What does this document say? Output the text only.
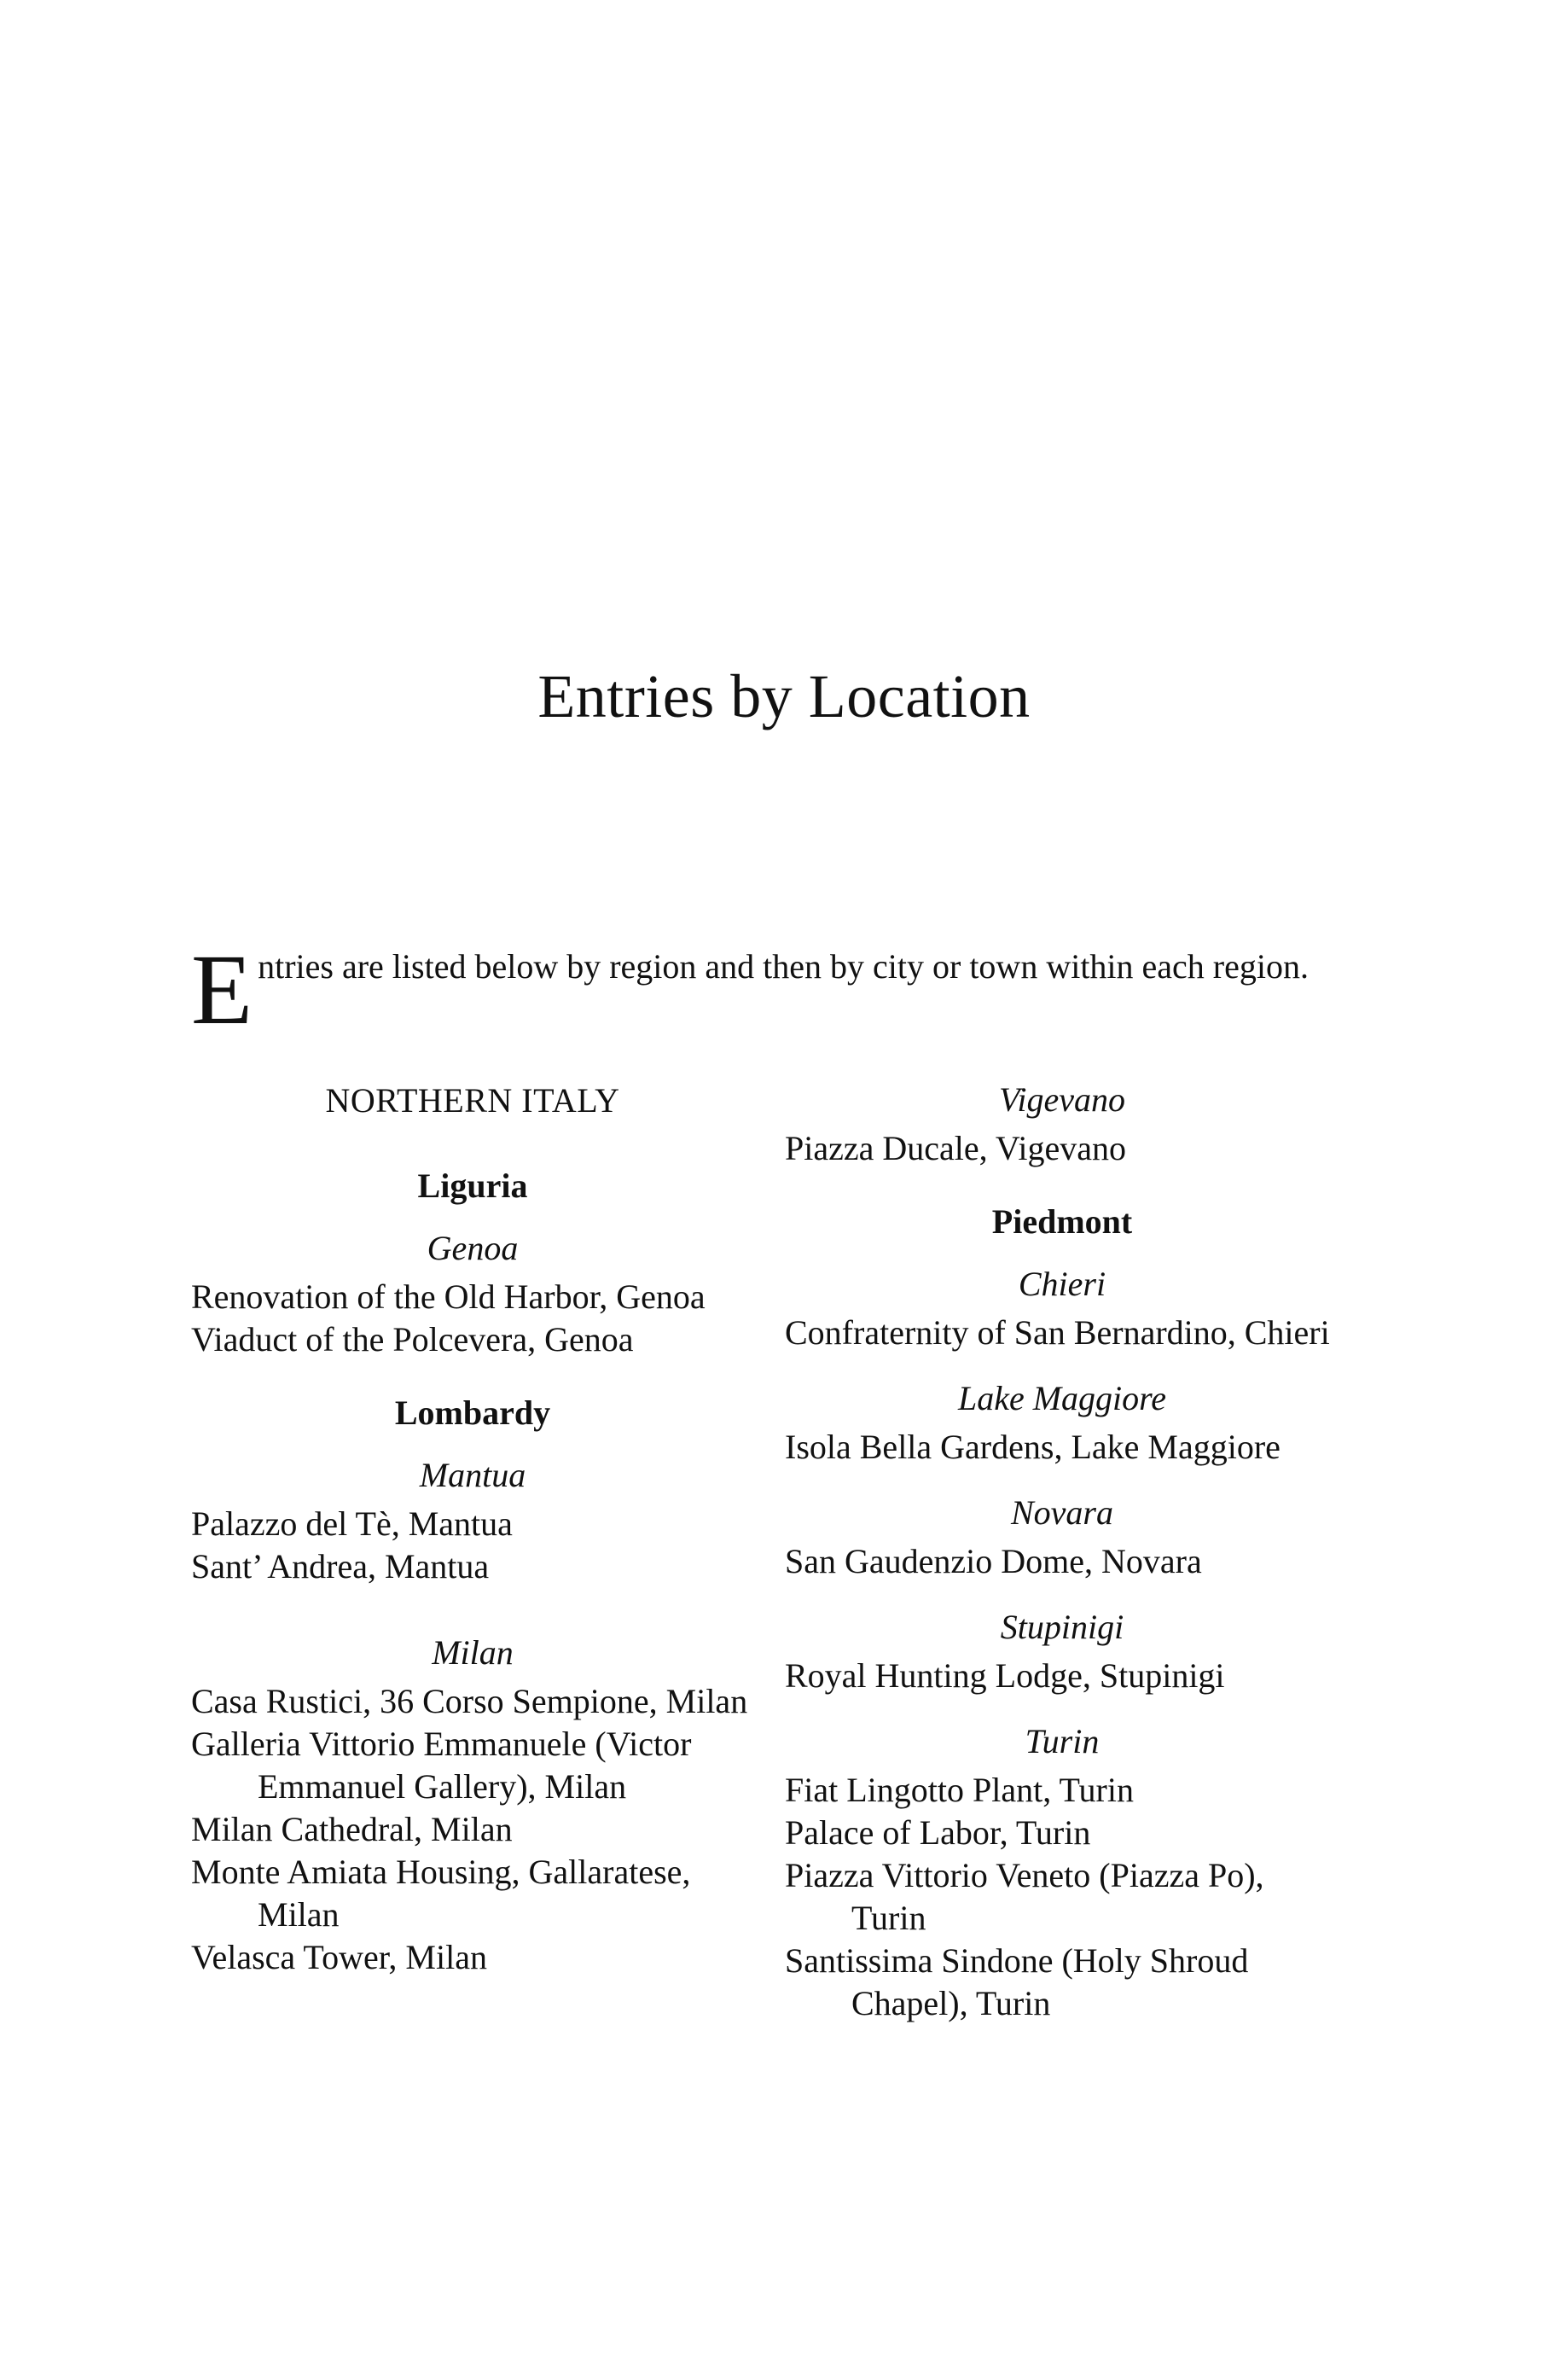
Entries by Location

Entries are listed below by region and then by city or town within each region.

NORTHERN ITALY
Liguria
Genoa
Renovation of the Old Harbor, Genoa
Viaduct of the Polcevera, Genoa
Lombardy
Mantua
Palazzo del Tè, Mantua
Sant’ Andrea, Mantua
Milan
Casa Rustici, 36 Corso Sempione, Milan
Galleria Vittorio Emmanuele (Victor Emmanuel Gallery), Milan
Milan Cathedral, Milan
Monte Amiata Housing, Gallaratese, Milan
Velasca Tower, Milan
Vigevano
Piazza Ducale, Vigevano
Piedmont
Chieri
Confraternity of San Bernardino, Chieri
Lake Maggiore
Isola Bella Gardens, Lake Maggiore
Novara
San Gaudenzio Dome, Novara
Stupinigi
Royal Hunting Lodge, Stupinigi
Turin
Fiat Lingotto Plant, Turin
Palace of Labor, Turin
Piazza Vittorio Veneto (Piazza Po), Turin
Santissima Sindone (Holy Shroud Chapel), Turin
